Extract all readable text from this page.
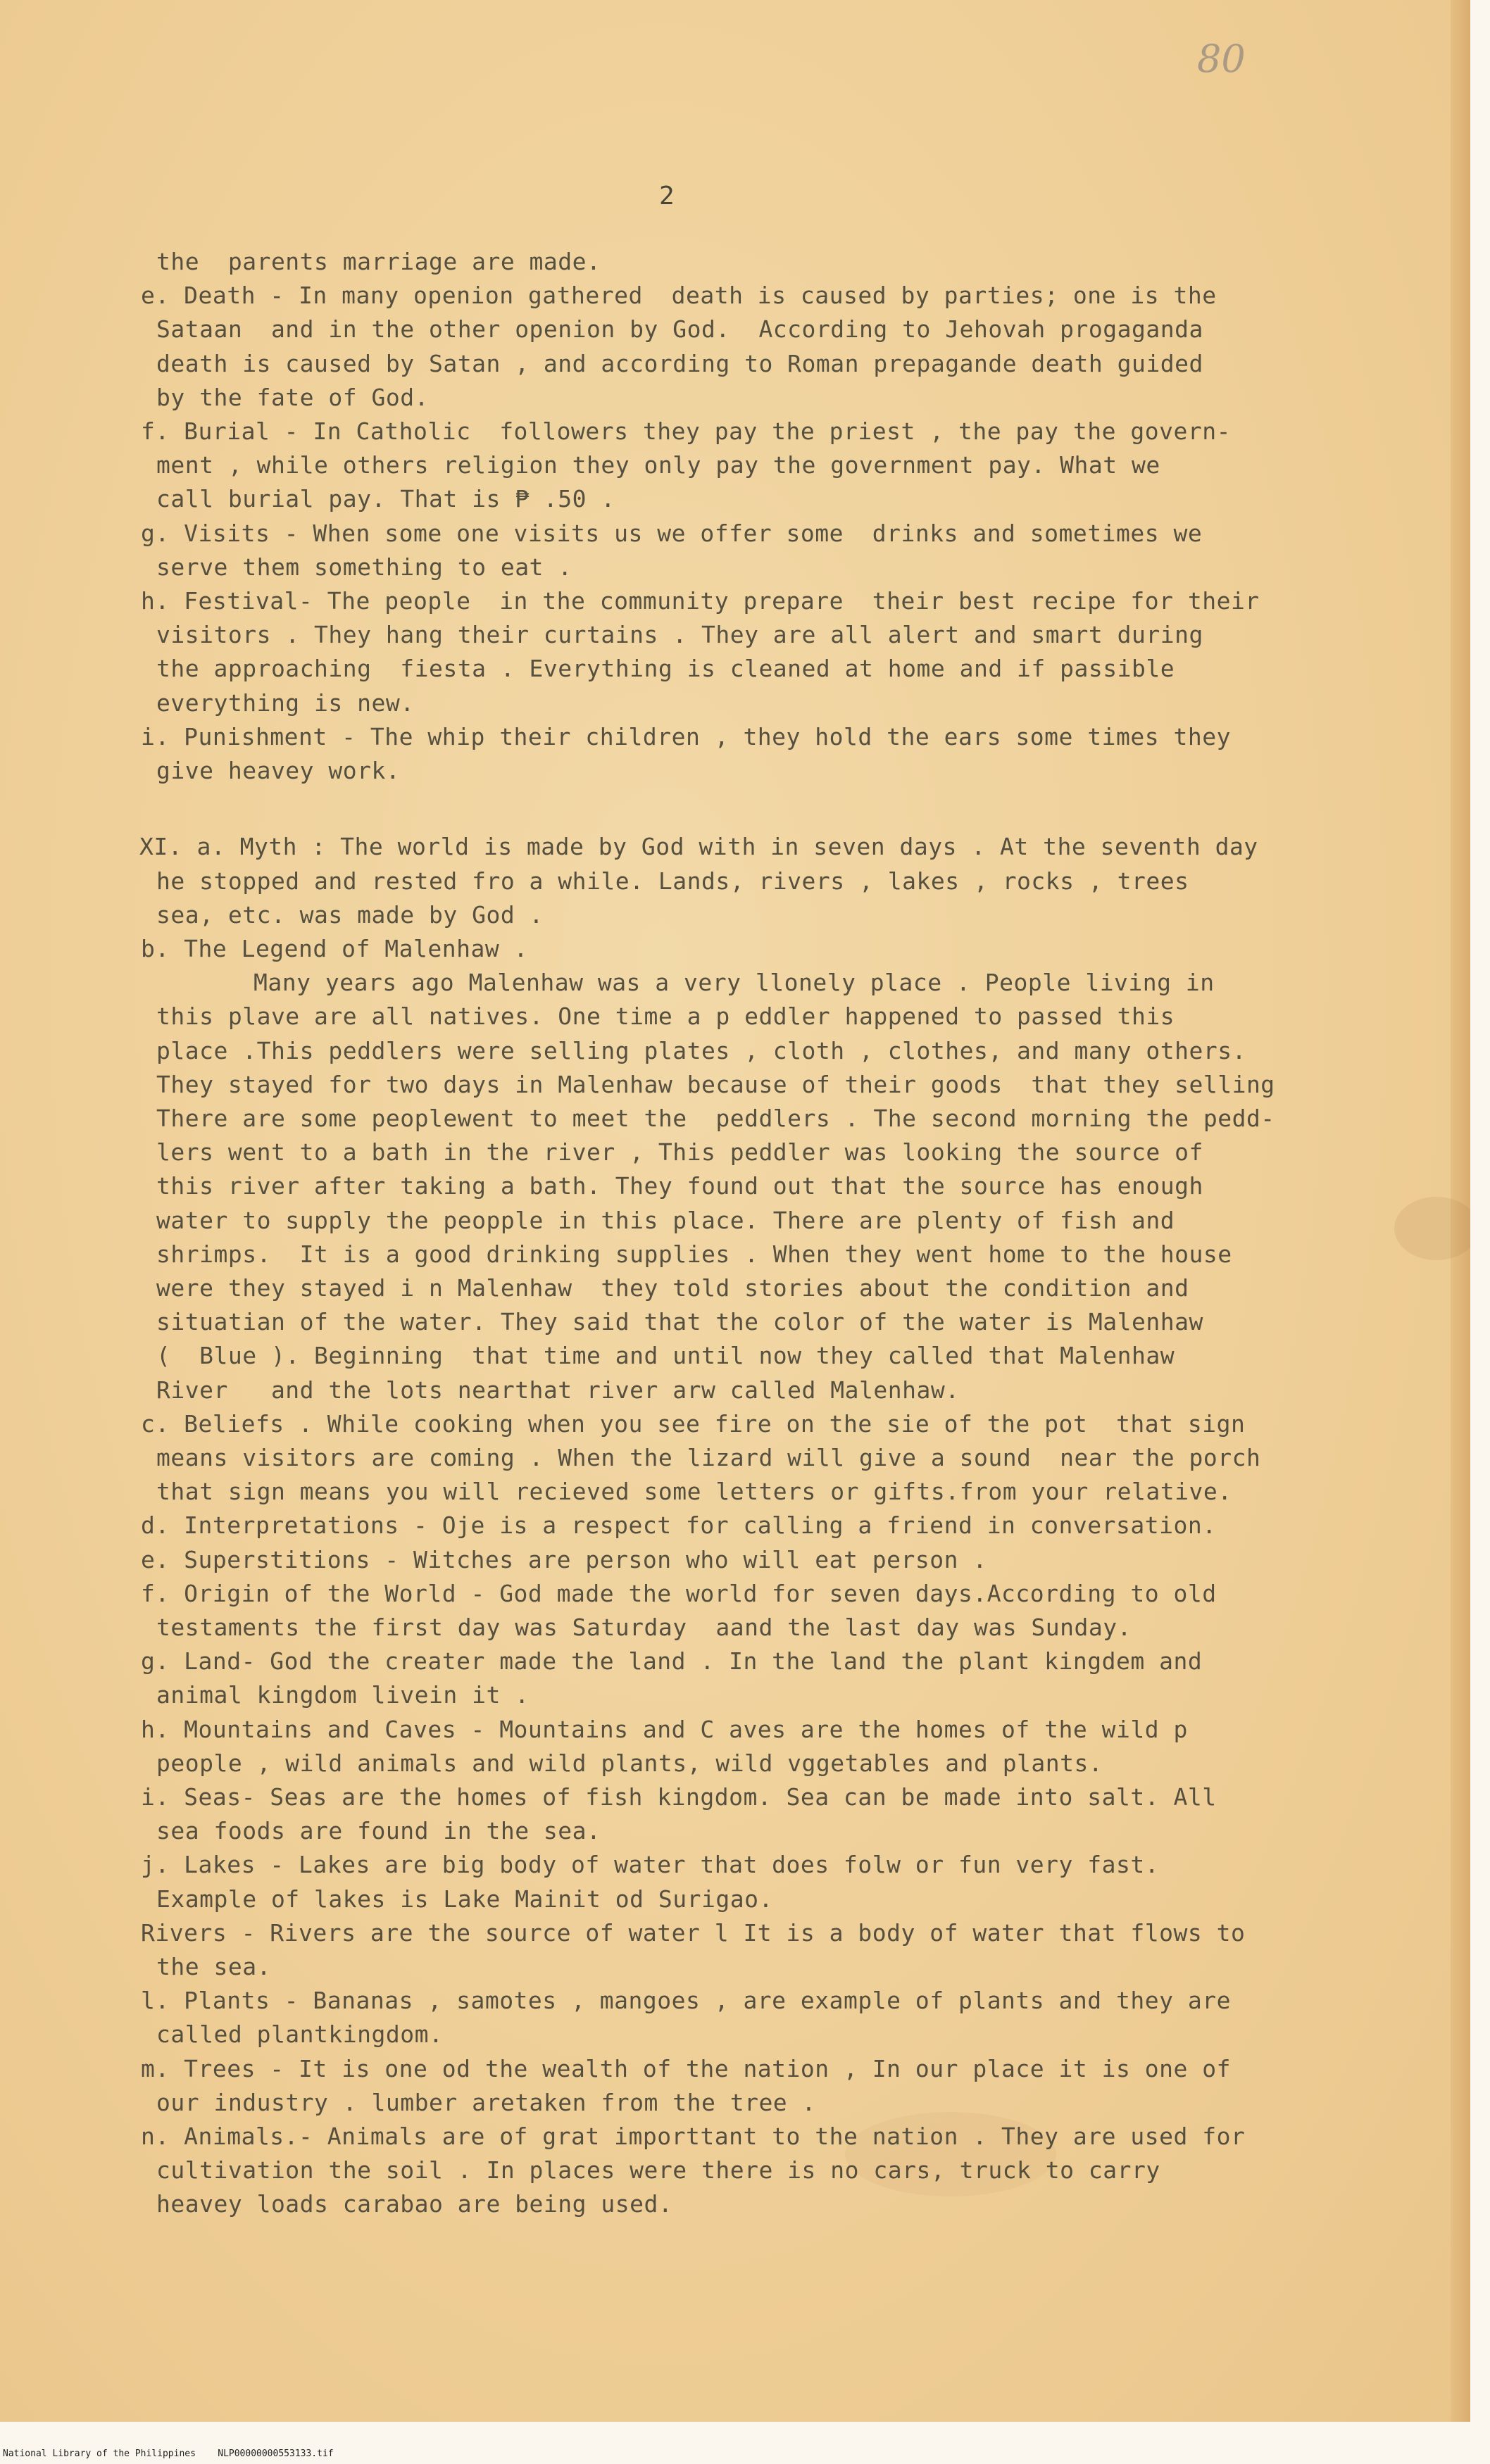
80
2
the  parents marriage are made.
e. Death - In many openion gathered  death is caused by parties; one is the
Sataan  and in the other openion by God.  According to Jehovah progaganda
death is caused by Satan , and according to Roman prepagande death guided
by the fate of God.
f. Burial - In Catholic  followers they pay the priest , the pay the govern-
ment , while others religion they only pay the government pay. What we
call burial pay. That is ₱ .50 .
g. Visits - When some one visits us we offer some  drinks and sometimes we
serve them something to eat .
h. Festival- The people  in the community prepare  their best recipe for their
visitors . They hang their curtains . They are all alert and smart during
the approaching  fiesta . Everything is cleaned at home and if passible
everything is new.
i. Punishment - The whip their children , they hold the ears some times they
give heavey work.
XI. a. Myth : The world is made by God with in seven days . At the seventh day
he stopped and rested fro a while. Lands, rivers , lakes , rocks , trees
sea, etc. was made by God .
b. The Legend of Malenhaw .
Many years ago Malenhaw was a very llonely place . People living in
this plave are all natives. One time a p eddler happened to passed this
place .This peddlers were selling plates , cloth , clothes, and many others.
They stayed for two days in Malenhaw because of their goods  that they selling
There are some peoplewent to meet the  peddlers . The second morning the pedd-
lers went to a bath in the river , This peddler was looking the source of
this river after taking a bath. They found out that the source has enough
water to supply the peopple in this place. There are plenty of fish and
shrimps.  It is a good drinking supplies . When they went home to the house
were they stayed i n Malenhaw  they told stories about the condition and
situatian of the water. They said that the color of the water is Malenhaw
(  Blue ). Beginning  that time and until now they called that Malenhaw
River   and the lots nearthat river arw called Malenhaw.
c. Beliefs . While cooking when you see fire on the sie of the pot  that sign
means visitors are coming . When the lizard will give a sound  near the porch
that sign means you will recieved some letters or gifts.from your relative.
d. Interpretations - Oje is a respect for calling a friend in conversation.
e. Superstitions - Witches are person who will eat person .
f. Origin of the World - God made the world for seven days.According to old
testaments the first day was Saturday  aand the last day was Sunday.
g. Land- God the creater made the land . In the land the plant kingdem and
animal kingdom livein it .
h. Mountains and Caves - Mountains and C aves are the homes of the wild p
people , wild animals and wild plants, wild vggetables and plants.
i. Seas- Seas are the homes of fish kingdom. Sea can be made into salt. All
sea foods are found in the sea.
j. Lakes - Lakes are big body of water that does folw or fun very fast.
Example of lakes is Lake Mainit od Surigao.
Rivers - Rivers are the source of water l It is a body of water that flows to
the sea.
l. Plants - Bananas , samotes , mangoes , are example of plants and they are
called plantkingdom.
m. Trees - It is one od the wealth of the nation , In our place it is one of
our industry . lumber aretaken from the tree .
n. Animals.- Animals are of grat importtant to the nation . They are used for
cultivation the soil . In places were there is no cars, truck to carry
heavey loads carabao are being used.
National Library of the Philippines    NLP00000000553133.tif
